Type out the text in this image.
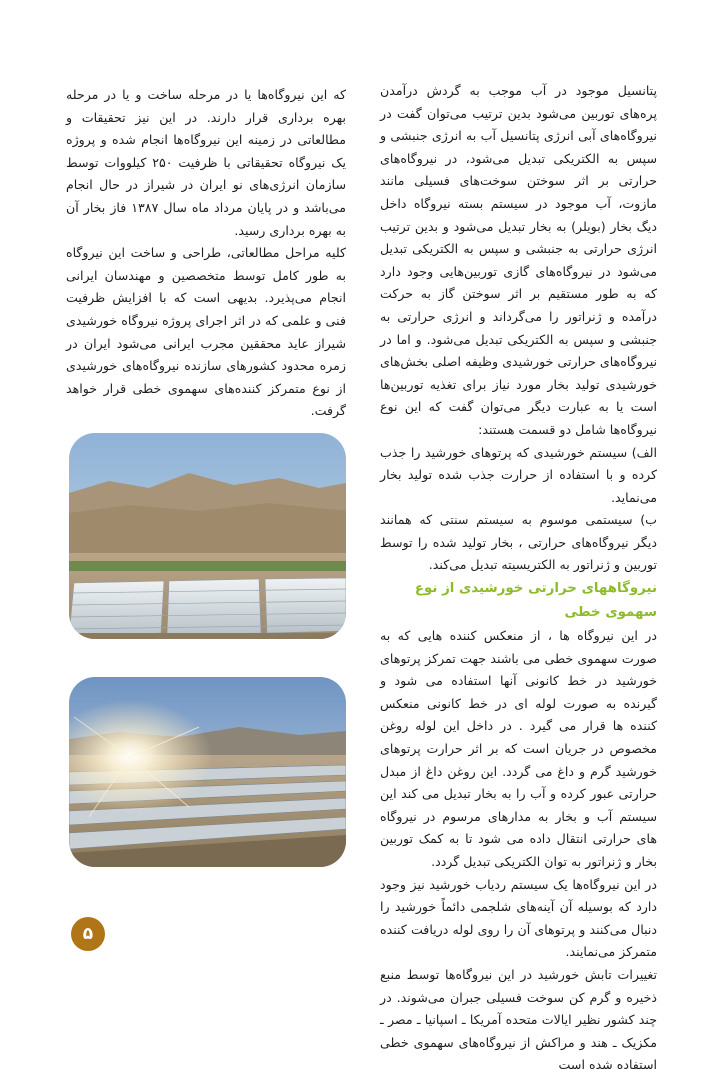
پتانسیل موجود در آب موجب به گردش درآمدن پره‌های توربین می‌شود بدین ترتیب می‌توان گفت در نیروگاه‌های آبی انرژی پتانسیل آب به انرژی جنبشی و سپس به الکتریکی تبدیل می‌شود، در نیروگاه‌های حرارتی بر اثر سوختن سوخت‌های فسیلی مانند مازوت، آب موجود در سیستم بسته نیروگاه داخل دیگ بخار (بویلر) به بخار تبدیل می‌شود و بدین ترتیب انرژی حرارتی به جنبشی و سپس به الکتریکی تبدیل می‌شود در نیروگاه‌های گازی توربین‌هایی وجود دارد که به طور مستقیم بر اثر سوختن گاز به حرکت درآمده و ژنراتور را می‌گرداند و انرژی حرارتی به جنبشی و سپس به الکتریکی تبدیل می‌شود. و اما در نیروگاه‌های حرارتی خورشیدی وظیفه اصلی بخش‌های خورشیدی تولید بخار مورد نیاز برای تغذیه توربین‌ها است یا به عبارت دیگر می‌توان گفت که این نوع نیروگاه‌ها شامل دو قسمت هستند:

الف) سیستم خورشیدی که پرتوهای خورشید را جذب کرده و با استفاده از حرارت جذب شده تولید بخار می‌نماید.

ب) سیستمی موسوم به سیستم سنتی که همانند دیگر نیروگاه‌های حرارتی ، بخار تولید شده را توسط توربین و ژنراتور به الکتریسیته تبدیل می‌کند.

نیروگاههای حرارتی خورشیدی از نوع سهموی خطی

در این نیروگاه ها ، از منعکس کننده هایی که به صورت سهموی خطی می باشند جهت تمرکز پرتوهای خورشید در خط کانونی آنها استفاده می شود و گیرنده به صورت لوله ای در خط کانونی منعکس کننده ها قرار می گیرد . در داخل این لوله روغن مخصوص در جریان است که بر اثر حرارت پرتوهای خورشید گرم و داغ می گردد. این روغن داغ از مبدل حرارتی عبور کرده و آب را به بخار تبدیل می کند این سیستم آب و بخار به مدارهای مرسوم در نیروگاه های حرارتی انتقال داده می شود تا به کمک توربین بخار و ژنراتور به توان الکتریکی تبدیل گردد.

در این نیروگاه‌ها یک سیستم ردیاب خورشید نیز وجود دارد که بوسیله آن آینه‌های شلجمی دائماً خورشید را دنبال می‌کنند و پرتوهای آن را روی لوله دریافت کننده متمرکز می‌نمایند.

تغییرات تابش خورشید در این نیروگاه‌ها توسط منبع ذخیره و گرم کن سوخت فسیلی جبران می‌شوند. در چند کشور نظیر ایالات متحده آمریکا ـ اسپانیا ـ مصر ـ مکزیک ـ هند و مراکش از نیروگاه‌های سهموی خطی استفاده شده است

که این نیروگاه‌ها یا در مرحله ساخت و یا در مرحله بهره برداری قرار دارند. در این نیز تحقیقات و مطالعاتی در زمینه این نیروگاه‌ها انجام شده و پروژه یک نیروگاه تحقیقاتی با ظرفیت ۲۵۰ کیلووات توسط سازمان انرژی‌های نو ایران در شیراز در حال انجام می‌باشد و در پایان مرداد ماه سال ۱۳۸۷ فاز بخار آن به بهره برداری رسید.

کلیه مراحل مطالعاتی، طراحی و ساخت این نیروگاه به طور کامل توسط متخصصین و مهندسان ایرانی انجام می‌پذیرد. بدیهی است که با افزایش ظرفیت فنی و علمی که در اثر اجرای پروژه نیروگاه خورشیدی شیراز عاید محققین مجرب ایرانی می‌شود ایران در زمره محدود کشورهای سازنده نیروگاه‌های خورشیدی از نوع متمرکز کننده‌های سهموی خطی قرار خواهد گرفت.

۵
